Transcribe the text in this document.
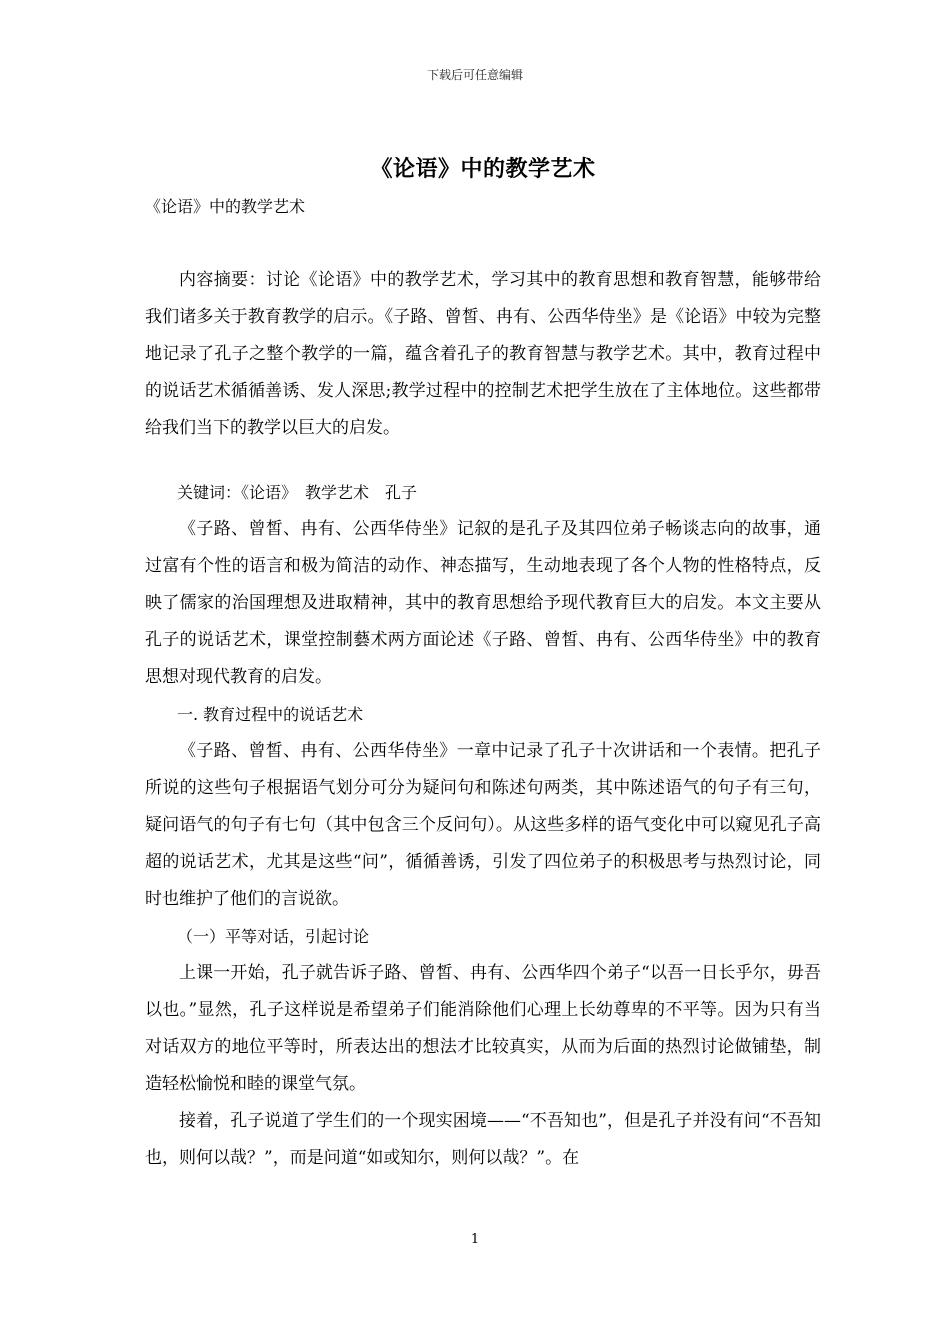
下载后可任意编辑
《论语》中的教学艺术

《论语》中的教学艺术

内容摘要：讨论《论语》中的教学艺术，学习其中的教育思想和教育智慧，能够带给我们诸多关于教育教学的启示。《子路、曾皙、冉有、公西华侍坐》是《论语》中较为完整地记录了孔子之整个教学的一篇，蕴含着孔子的教育智慧与教学艺术。其中，教育过程中的说话艺术循循善诱、发人深思;教学过程中的控制艺术把学生放在了主体地位。这些都带给我们当下的教学以巨大的启发。

关键词：《论语》　教学艺术　孔子

《子路、曾皙、冉有、公西华侍坐》记叙的是孔子及其四位弟子畅谈志向的故事，通过富有个性的语言和极为简洁的动作、神态描写，生动地表现了各个人物的性格特点，反映了儒家的治国理想及进取精神，其中的教育思想给予现代教育巨大的启发。本文主要从孔子的说话艺术，课堂控制藝术两方面论述《子路、曾皙、冉有、公西华侍坐》中的教育思想对现代教育的启发。

一. 教育过程中的说话艺术

《子路、曾皙、冉有、公西华侍坐》一章中记录了孔子十次讲话和一个表情。把孔子所说的这些句子根据语气划分可分为疑问句和陈述句两类，其中陈述语气的句子有三句，疑问语气的句子有七句（其中包含三个反问句）。从这些多样的语气变化中可以窥见孔子高超的说话艺术，尤其是这些“问”，循循善诱，引发了四位弟子的积极思考与热烈讨论，同时也维护了他们的言说欲。

（一）平等对话，引起讨论

上课一开始，孔子就告诉子路、曾皙、冉有、公西华四个弟子“以吾一日长乎尔，毋吾以也。”显然，孔子这样说是希望弟子们能消除他们心理上长幼尊卑的不平等。因为只有当对话双方的地位平等时，所表达出的想法才比较真实，从而为后面的热烈讨论做铺垫，制造轻松愉悦和睦的课堂气氛。

接着，孔子说道了学生们的一个现实困境——“不吾知也”，但是孔子并没有问“不吾知也，则何以哉？”，而是问道“如或知尔，则何以哉？”。在

1
